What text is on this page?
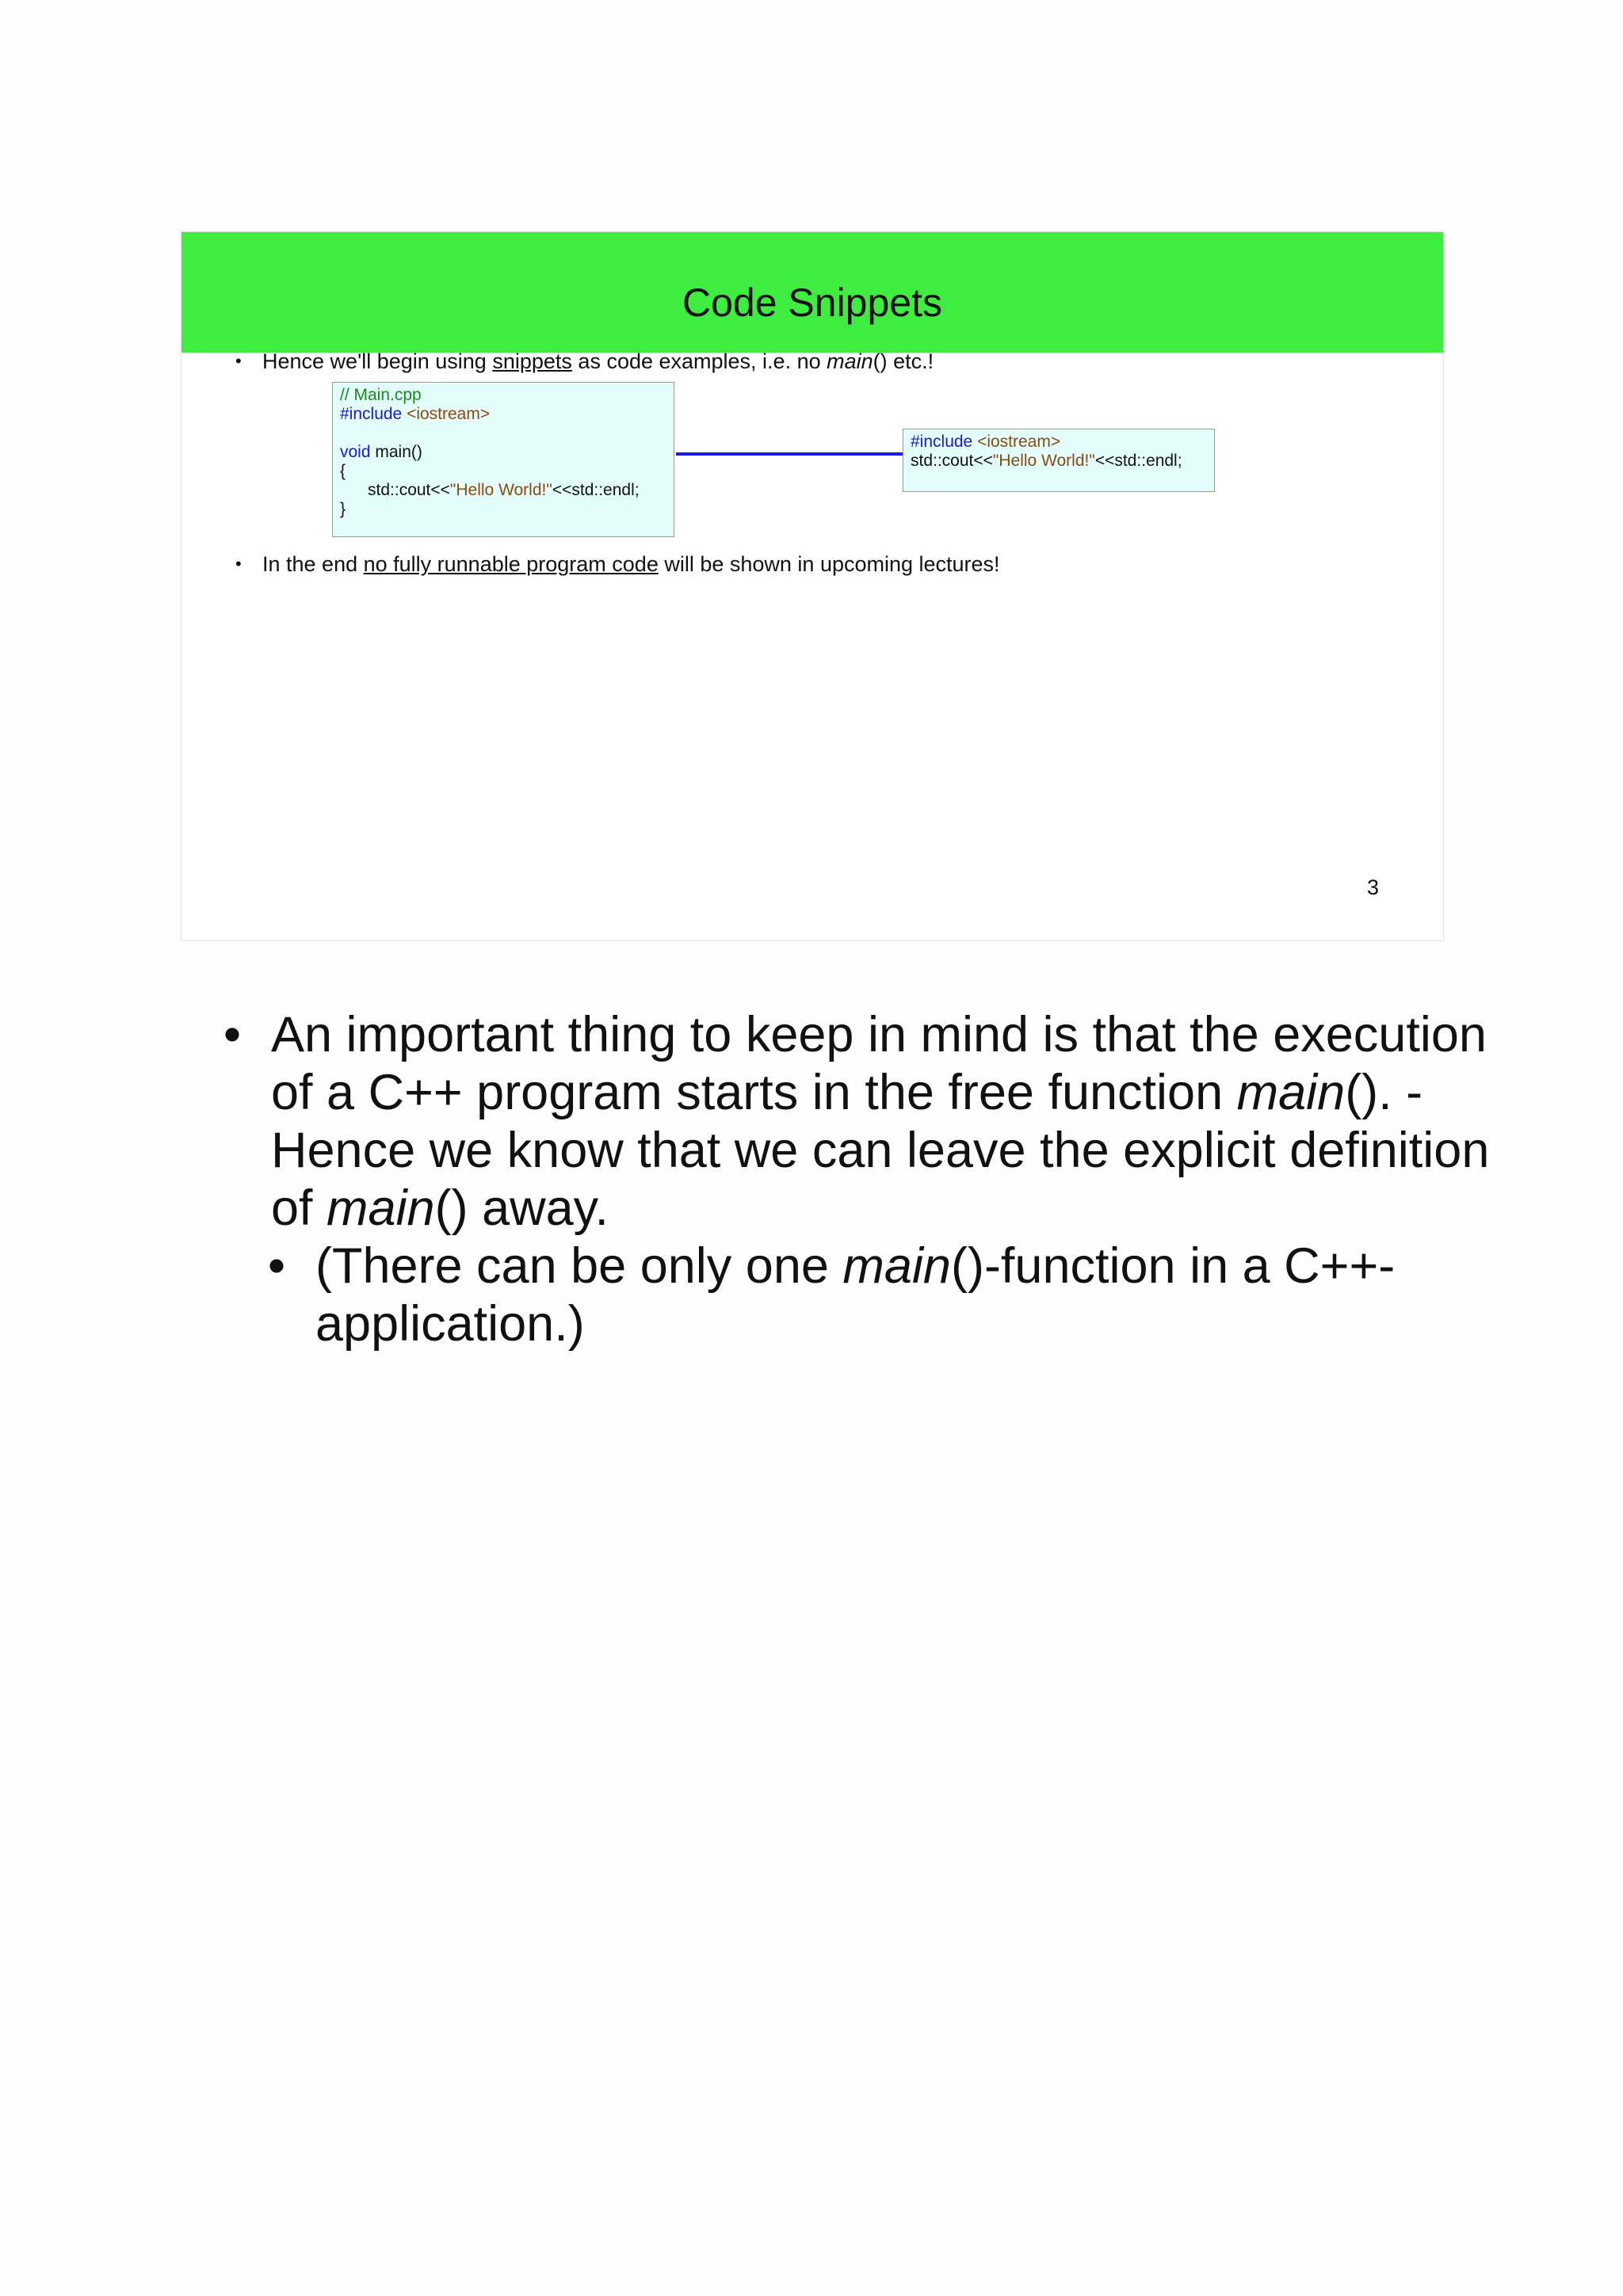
Code Snippets
• Hence we'll begin using snippets as code examples, i.e. no main() etc.!
// Main.cpp
#include <iostream>

void main()
{
std::cout<<"Hello World!"<<std::endl;
}
#include <iostream>
std::cout<<"Hello World!"<<std::endl;
• In the end no fully runnable program code will be shown in upcoming lectures!
3
• An important thing to keep in mind is that the execution of a C++ program starts in the free function main(). - Hence we know that we can leave the explicit definition of main() away.
• (There can be only one main()-function in a C++-application.)
